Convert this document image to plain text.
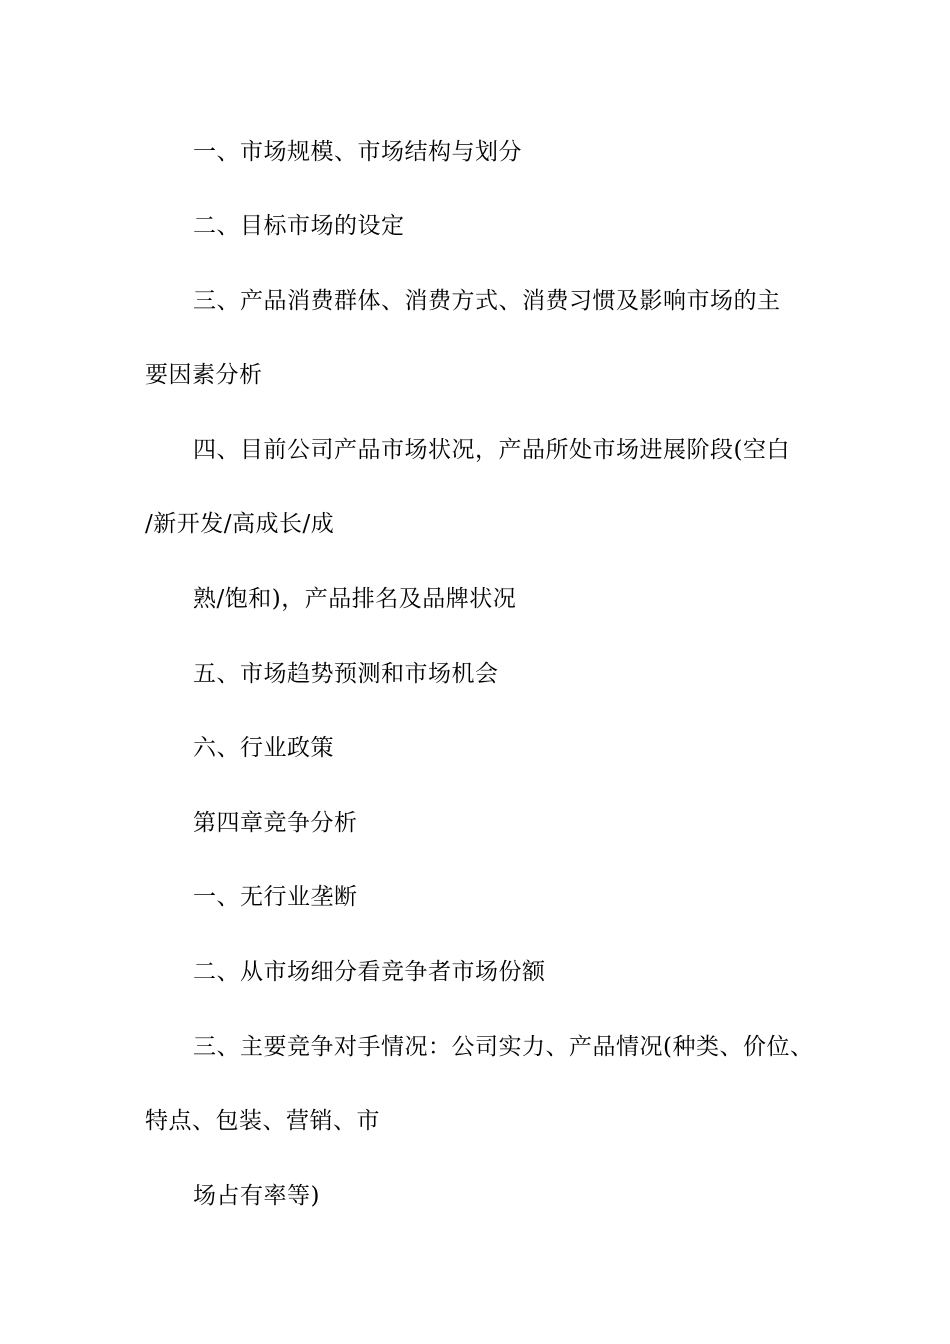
一、市场规模、市场结构与划分
二、目标市场的设定
三、产品消费群体、消费方式、消费习惯及影响市场的主
要因素分析
四、目前公司产品市场状况，产品所处市场进展阶段(空白
/新开发/高成长/成
熟/饱和)，产品排名及品牌状况
五、市场趋势预测和市场机会
六、行业政策
第四章竞争分析
一、无行业垄断
二、从市场细分看竞争者市场份额
三、主要竞争对手情况：公司实力、产品情况(种类、价位、
特点、包装、营销、市
场占有率等)
